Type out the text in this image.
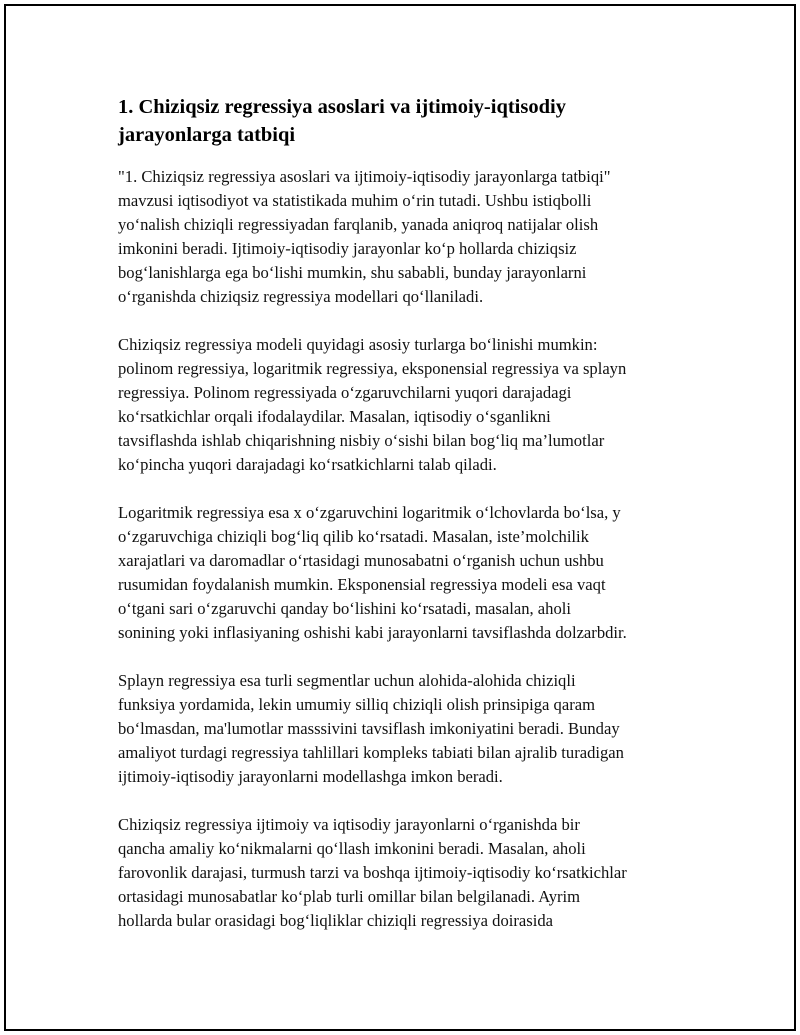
1. Chiziqsiz regressiya asoslari va ijtimoiy-iqtisodiy
jarayonlarga tatbiqi
"1. Chiziqsiz regressiya asoslari va ijtimoiy-iqtisodiy jarayonlarga tatbiqi"
mavzusi iqtisodiyot va statistikada muhim o‘rin tutadi. Ushbu istiqbolli
yo‘nalish chiziqli regressiyadan farqlanib, yanada aniqroq natijalar olish
imkonini beradi. Ijtimoiy-iqtisodiy jarayonlar ko‘p hollarda chiziqsiz
bog‘lanishlarga ega bo‘lishi mumkin, shu sababli, bunday jarayonlarni
o‘rganishda chiziqsiz regressiya modellari qo‘llaniladi.
Chiziqsiz regressiya modeli quyidagi asosiy turlarga bo‘linishi mumkin:
polinom regressiya, logaritmik regressiya, eksponensial regressiya va splayn
regressiya. Polinom regressiyada o‘zgaruvchilarni yuqori darajadagi
ko‘rsatkichlar orqali ifodalaydilar. Masalan, iqtisodiy o‘sganlikni
tavsiflashda ishlab chiqarishning nisbiy o‘sishi bilan bog‘liq ma’lumotlar
ko‘pincha yuqori darajadagi ko‘rsatkichlarni talab qiladi.
Logaritmik regressiya esa x o‘zgaruvchini logaritmik o‘lchovlarda bo‘lsa, y
o‘zgaruvchiga chiziqli bog‘liq qilib ko‘rsatadi. Masalan, iste’molchilik
xarajatlari va daromadlar o‘rtasidagi munosabatni o‘rganish uchun ushbu
rusumidan foydalanish mumkin. Eksponensial regressiya modeli esa vaqt
o‘tgani sari o‘zgaruvchi qanday bo‘lishini ko‘rsatadi, masalan, aholi
sonining yoki inflasiyaning oshishi kabi jarayonlarni tavsiflashda dolzarbdir.
Splayn regressiya esa turli segmentlar uchun alohida-alohida chiziqli
funksiya yordamida, lekin umumiy silliq chiziqli olish prinsipiga qaram
bo‘lmasdan, ma'lumotlar masssivini tavsiflash imkoniyatini beradi. Bunday
amaliyot turdagi regressiya tahlillari kompleks tabiati bilan ajralib turadigan
ijtimoiy-iqtisodiy jarayonlarni modellashga imkon beradi.
Chiziqsiz regressiya ijtimoiy va iqtisodiy jarayonlarni o‘rganishda bir
qancha amaliy ko‘nikmalarni qo‘llash imkonini beradi. Masalan, aholi
farovonlik darajasi, turmush tarzi va boshqa ijtimoiy-iqtisodiy ko‘rsatkichlar
ortasidagi munosabatlar ko‘plab turli omillar bilan belgilanadi. Ayrim
hollarda bular orasidagi bog‘liqliklar chiziqli regressiya doirasida
